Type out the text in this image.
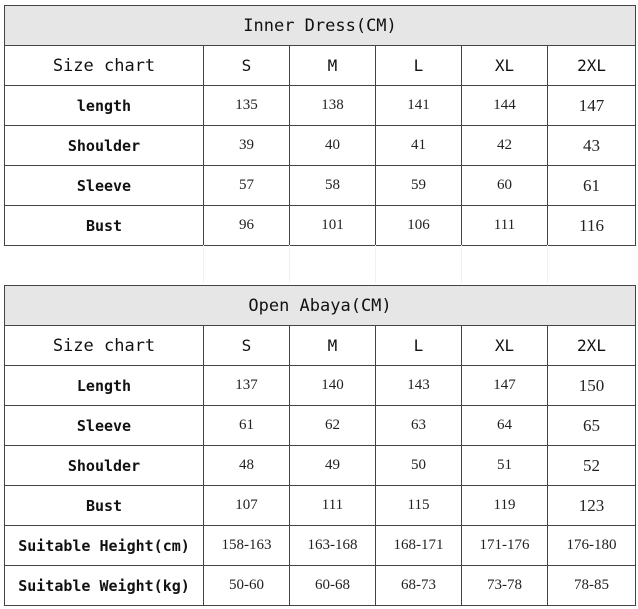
Inner Dress(CM)					
Size chart	S	M	L	XL	2XL
length	135	138	141	144	147
Shoulder	39	40	41	42	43
Sleeve	57	58	59	60	61
Bust	96	101	106	111	116
Open Abaya(CM)					
Size chart	S	M	L	XL	2XL
Length	137	140	143	147	150
Sleeve	61	62	63	64	65
Shoulder	48	49	50	51	52
Bust	107	111	115	119	123
Suitable Height(cm)	158-163	163-168	168-171	171-176	176-180
Suitable Weight(kg)	50-60	60-68	68-73	73-78	78-85
